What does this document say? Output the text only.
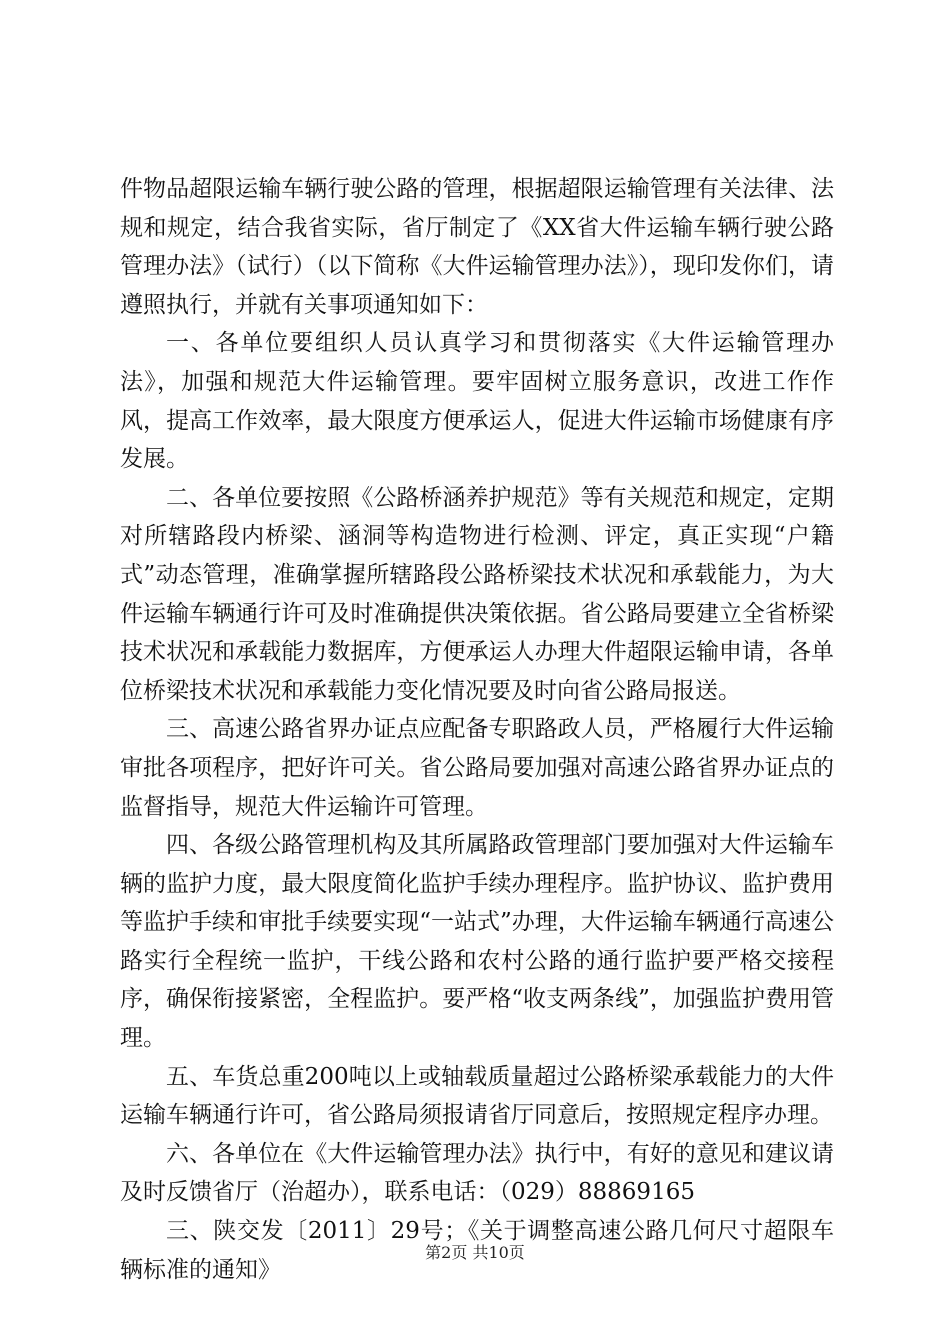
件物品超限运输车辆行驶公路的管理，根据超限运输管理有关法律、法规和规定，结合我省实际，省厅制定了《XX省大件运输车辆行驶公路管理办法》（试行）（以下简称《大件运输管理办法》），现印发你们，请遵照执行，并就有关事项通知如下：

一、各单位要组织人员认真学习和贯彻落实《大件运输管理办法》，加强和规范大件运输管理。要牢固树立服务意识，改进工作作风，提高工作效率，最大限度方便承运人，促进大件运输市场健康有序发展。

二、各单位要按照《公路桥涵养护规范》等有关规范和规定，定期对所辖路段内桥梁、涵洞等构造物进行检测、评定，真正实现“户籍式”动态管理，准确掌握所辖路段公路桥梁技术状况和承载能力，为大件运输车辆通行许可及时准确提供决策依据。省公路局要建立全省桥梁技术状况和承载能力数据库，方便承运人办理大件超限运输申请，各单位桥梁技术状况和承载能力变化情况要及时向省公路局报送。

三、高速公路省界办证点应配备专职路政人员，严格履行大件运输审批各项程序，把好许可关。省公路局要加强对高速公路省界办证点的监督指导，规范大件运输许可管理。

四、各级公路管理机构及其所属路政管理部门要加强对大件运输车辆的监护力度，最大限度简化监护手续办理程序。监护协议、监护费用等监护手续和审批手续要实现“一站式”办理，大件运输车辆通行高速公路实行全程统一监护，干线公路和农村公路的通行监护要严格交接程序，确保衔接紧密，全程监护。要严格“收支两条线”，加强监护费用管理。

五、车货总重200吨以上或轴载质量超过公路桥梁承载能力的大件运输车辆通行许可，省公路局须报请省厅同意后，按照规定程序办理。

六、各单位在《大件运输管理办法》执行中，有好的意见和建议请及时反馈省厅（治超办），联系电话：（029）88869165

三、陕交发〔2011〕29号；《关于调整高速公路几何尺寸超限车辆标准的通知》

第2页 共10页
